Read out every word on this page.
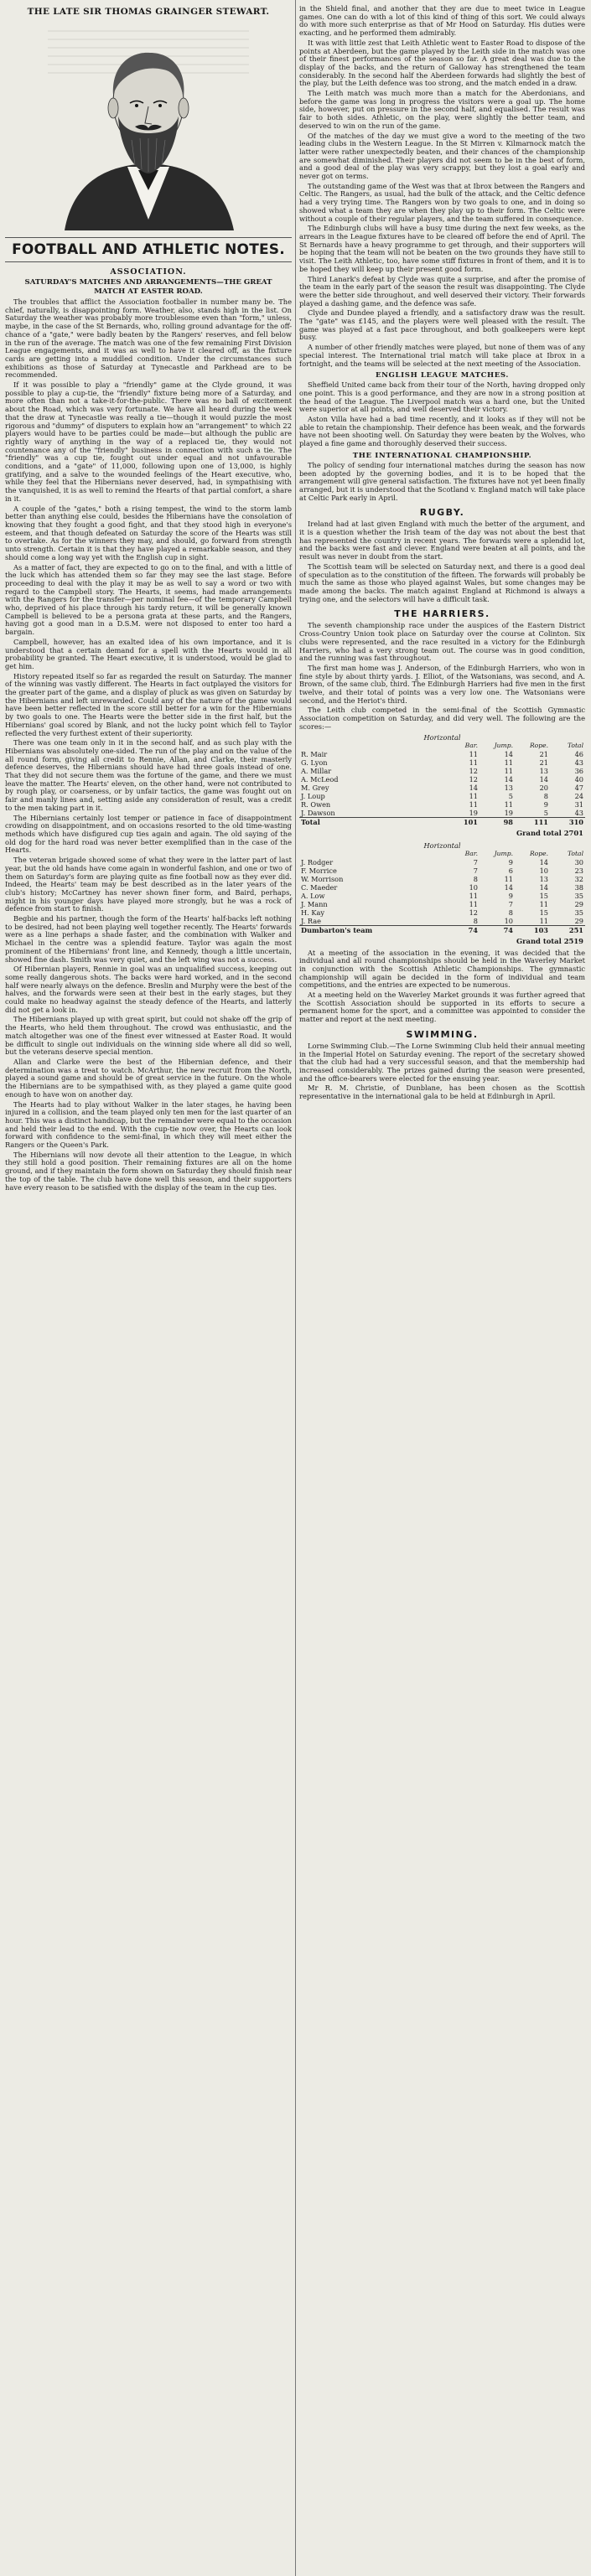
THE LATE SIR THOMAS GRAINGER STEWART.
FOOTBALL AND ATHLETIC NOTES.
ASSOCIATION.
SATURDAY'S MATCHES AND ARRANGEMENTS—THE GREAT MATCH AT EASTER ROAD.

The troubles that afflict the Association footballer in number many be. The chief, naturally, is disappointing form. Weather, also, stands high in the list. On Saturday the weather was probably more troublesome even than "form," unless, maybe, in the case of the St Bernards, who, rolling ground advantage for the off-chance of a "gate," were badly beaten by the Rangers' reserves, and fell below in the run of the average. The match was one of the few remaining First Division League engagements, and it was as well to have it cleared off, as the fixture cards are getting into a muddled condition. Under the circumstances such exhibitions as those of Saturday at Tynecastle and Parkhead are to be recommended.

If it was possible to play a "friendly" game at the Clyde ground, it was possible to play a cup-tie, the "friendly" fixture being more of a Saturday, and more often than not a take-it-for-the-public. There was no ball of excitement about the Road, which was very fortunate. We have all heard during the week that the draw at Tynecastle was really a tie—though it would puzzle the most rigorous and "dummy" of disputers to explain how an "arrangement" to which 22 players would have to be parties could be made—but although the public are rightly wary of anything in the way of a replaced tie, they would not countenance any of the "friendly" business in connection with such a tie. The "friendly" was a cup tie, fought out under equal and not unfavourable conditions, and a "gate" of 11,000, following upon one of 13,000, is highly gratifying, and a salve to the wounded feelings of the Heart executive, who, while they feel that the Hibernians never deserved, had, in sympathising with the vanquished, it is as well to remind the Hearts of that partial comfort, a share in it.

A couple of the "gates," both a rising tempest, the wind to the storm lamb better than anything else could, besides the Hibernians have the consolation of knowing that they fought a good fight, and that they stood high in everyone's esteem, and that though defeated on Saturday the score of the Hearts was still to overtake. As for the winners they may, and should, go forward from strength unto strength. Certain it is that they have played a remarkable season, and they should come a long way yet with the English cup in sight.

As a matter of fact, they are expected to go on to the final, and with a little of the luck which has attended them so far they may see the last stage. Before proceeding to deal with the play it may be as well to say a word or two with regard to the Campbell story. The Hearts, it seems, had made arrangements with the Rangers for the transfer—per nominal fee—of the temporary Campbell who, deprived of his place through his tardy return, it will be generally known Campbell is believed to be a persona grata at these parts, and the Rangers, having got a good man in a D.S.M. were not disposed to enter too hard a bargain.

Campbell, however, has an exalted idea of his own importance, and it is understood that a certain demand for a spell with the Hearts would in all probability be granted. The Heart executive, it is understood, would be glad to get him.

History repeated itself so far as regarded the result on Saturday. The manner of the winning was vastly different. The Hearts in fact outplayed the visitors for the greater part of the game, and a display of pluck as was given on Saturday by the Hibernians and left unrewarded. Could any of the nature of the game would have been better reflected in the score still better for a win for the Hibernians by two goals to one. The Hearts were the better side in the first half, but the Hibernians' goal scored by Blank, and not the lucky point which fell to Taylor reflected the very furthest extent of their superiority.

There was one team only in it in the second half, and as such play with the Hibernians was absolutely one-sided. The run of the play and on the value of the all round form, giving all credit to Rennie, Allan, and Clarke, their masterly defence deserves, the Hibernians should have had three goals instead of one. That they did not secure them was the fortune of the game, and there we must leave the matter. The Hearts' eleven, on the other hand, were not contributed to by rough play, or coarseness, or by unfair tactics, the game was fought out on fair and manly lines and, setting aside any consideration of result, was a credit to the men taking part in it.

The Hibernians certainly lost temper or patience in face of disappointment crowding on disappointment, and on occasions resorted to the old time-wasting methods which have disfigured cup ties again and again. The old saying of the old dog for the hard road was never better exemplified than in the case of the Hearts.

The veteran brigade showed some of what they were in the latter part of last year, but the old hands have come again in wonderful fashion, and one or two of them on Saturday's form are playing quite as fine football now as they ever did. Indeed, the Hearts' team may be best described as in the later years of the club's history; McCartney has never shown finer form, and Baird, perhaps, might in his younger days have played more strongly, but he was a rock of defence from start to finish.

Begbie and his partner, though the form of the Hearts' half-backs left nothing to be desired, had not been playing well together recently. The Hearts' forwards were as a line perhaps a shade faster, and the combination with Walker and Michael in the centre was a splendid feature. Taylor was again the most prominent of the Hibernians' front line, and Kennedy, though a little uncertain, showed fine dash. Smith was very quiet, and the left wing was not a success.

Of Hibernian players, Rennie in goal was an unqualified success, keeping out some really dangerous shots. The backs were hard worked, and in the second half were nearly always on the defence. Breslin and Murphy were the best of the halves, and the forwards were seen at their best in the early stages, but they could make no headway against the steady defence of the Hearts, and latterly did not get a look in.

The Hibernians played up with great spirit, but could not shake off the grip of the Hearts, who held them throughout. The crowd was enthusiastic, and the match altogether was one of the finest ever witnessed at Easter Road. It would be difficult to single out individuals on the winning side where all did so well, but the veterans deserve special mention.

Allan and Clarke were the best of the Hibernian defence, and their determination was a treat to watch. McArthur, the new recruit from the North, played a sound game and should be of great service in the future. On the whole the Hibernians are to be sympathised with, as they played a game quite good enough to have won on another day.

The Hearts had to play without Walker in the later stages, he having been injured in a collision, and the team played only ten men for the last quarter of an hour. This was a distinct handicap, but the remainder were equal to the occasion and held their lead to the end. With the cup-tie now over, the Hearts can look forward with confidence to the semi-final, in which they will meet either the Rangers or the Queen's Park.

The Hibernians will now devote all their attention to the League, in which they still hold a good position. Their remaining fixtures are all on the home ground, and if they maintain the form shown on Saturday they should finish near the top of the table. The club have done well this season, and their supporters have every reason to be satisfied with the display of the team in the cup ties.

in the Shield final, and another that they are due to meet twice in League games. One can do with a lot of this kind of thing of this sort. We could always do with more such enterprise as that of Mr Hood on Saturday. His duties were exacting, and he performed them admirably.

It was with little zest that Leith Athletic went to Easter Road to dispose of the points at Aberdeen, but the game played by the Leith side in the match was one of their finest performances of the season so far. A great deal was due to the display of the backs, and the return of Galloway has strengthened the team considerably. In the second half the Aberdeen forwards had slightly the best of the play, but the Leith defence was too strong, and the match ended in a draw.

The Leith match was much more than a match for the Aberdonians, and before the game was long in progress the visitors were a goal up. The home side, however, put on pressure in the second half, and equalised. The result was fair to both sides. Athletic, on the play, were slightly the better team, and deserved to win on the run of the game.

Of the matches of the day we must give a word to the meeting of the two leading clubs in the Western League. In the St Mirren v. Kilmarnock match the latter were rather unexpectedly beaten, and their chances of the championship are somewhat diminished. Their players did not seem to be in the best of form, and a good deal of the play was very scrappy, but they lost a goal early and never got on terms.

The outstanding game of the West was that at Ibrox between the Rangers and Celtic. The Rangers, as usual, had the bulk of the attack, and the Celtic defence had a very trying time. The Rangers won by two goals to one, and in doing so showed what a team they are when they play up to their form. The Celtic were without a couple of their regular players, and the team suffered in consequence.

The Edinburgh clubs will have a busy time during the next few weeks, as the arrears in the League fixtures have to be cleared off before the end of April. The St Bernards have a heavy programme to get through, and their supporters will be hoping that the team will not be beaten on the two grounds they have still to visit. The Leith Athletic, too, have some stiff fixtures in front of them, and it is to be hoped they will keep up their present good form.

Third Lanark's defeat by Clyde was quite a surprise, and after the promise of the team in the early part of the season the result was disappointing. The Clyde were the better side throughout, and well deserved their victory. Their forwards played a dashing game, and the defence was safe.

Clyde and Dundee played a friendly, and a satisfactory draw was the result. The "gate" was £145, and the players were well pleased with the result. The game was played at a fast pace throughout, and both goalkeepers were kept busy.

A number of other friendly matches were played, but none of them was of any special interest. The International trial match will take place at Ibrox in a fortnight, and the teams will be selected at the next meeting of the Association.

ENGLISH LEAGUE MATCHES.

Sheffield United came back from their tour of the North, having dropped only one point. This is a good performance, and they are now in a strong position at the head of the League. The Liverpool match was a hard one, but the United were superior at all points, and well deserved their victory.

Aston Villa have had a bad time recently, and it looks as if they will not be able to retain the championship. Their defence has been weak, and the forwards have not been shooting well. On Saturday they were beaten by the Wolves, who played a fine game and thoroughly deserved their success.

THE INTERNATIONAL CHAMPIONSHIP.

The policy of sending four international matches during the season has now been adopted by the governing bodies, and it is to be hoped that the arrangement will give general satisfaction. The fixtures have not yet been finally arranged, but it is understood that the Scotland v. England match will take place at Celtic Park early in April.

RUGBY.

Ireland had at last given England with much the better of the argument, and it is a question whether the Irish team of the day was not about the best that has represented the country in recent years. The forwards were a splendid lot, and the backs were fast and clever. England were beaten at all points, and the result was never in doubt from the start.

The Scottish team will be selected on Saturday next, and there is a good deal of speculation as to the constitution of the fifteen. The forwards will probably be much the same as those who played against Wales, but some changes may be made among the backs. The match against England at Richmond is always a trying one, and the selectors will have a difficult task.

THE HARRIERS.

The seventh championship race under the auspices of the Eastern District Cross-Country Union took place on Saturday over the course at Colinton. Six clubs were represented, and the race resulted in a victory for the Edinburgh Harriers, who had a very strong team out. The course was in good condition, and the running was fast throughout.

The first man home was J. Anderson, of the Edinburgh Harriers, who won in fine style by about thirty yards. J. Elliot, of the Watsonians, was second, and A. Brown, of the same club, third. The Edinburgh Harriers had five men in the first twelve, and their total of points was a very low one. The Watsonians were second, and the Heriot's third.

The Leith club competed in the semi-final of the Scottish Gymnastic Association competition on Saturday, and did very well. The following are the scores:—

Horizontal				
	Bar.	Jump.	Rope.	Total
R. Mair	11	14	21	46
G. Lyon	11	11	21	43
A. Millar	12	11	13	36
A. McLeod	12	14	14	40
M. Grey	14	13	20	47
J. Loup	11	5	8	24
R. Owen	11	11	9	31
J. Dawson	19	19	5	43
Total	101	98	111	310
Grand total 2701
Horizontal				
	Bar.	Jump.	Rope.	Total
J. Rodger	7	9	14	30
F. Morrice	7	6	10	23
W. Morrison	8	11	13	32
C. Maeder	10	14	14	38
A. Low	11	9	15	35
J. Mann	11	7	11	29
H. Kay	12	8	15	35
J. Rae	8	10	11	29
Dumbarton's team	74	74	103	251
Grand total 2519

At a meeting of the association in the evening, it was decided that the individual and all round championships should be held in the Waverley Market in conjunction with the Scottish Athletic Championships. The gymnastic championship will again be decided in the form of individual and team competitions, and the entries are expected to be numerous.

At a meeting held on the Waverley Market grounds it was further agreed that the Scottish Association should be supported in its efforts to secure a permanent home for the sport, and a committee was appointed to consider the matter and report at the next meeting.

SWIMMING.

Lorne Swimming Club.—The Lorne Swimming Club held their annual meeting in the Imperial Hotel on Saturday evening. The report of the secretary showed that the club had had a very successful season, and that the membership had increased considerably. The prizes gained during the season were presented, and the office-bearers were elected for the ensuing year.

Mr R. M. Christie, of Dunblane, has been chosen as the Scottish representative in the international gala to be held at Edinburgh in April.
